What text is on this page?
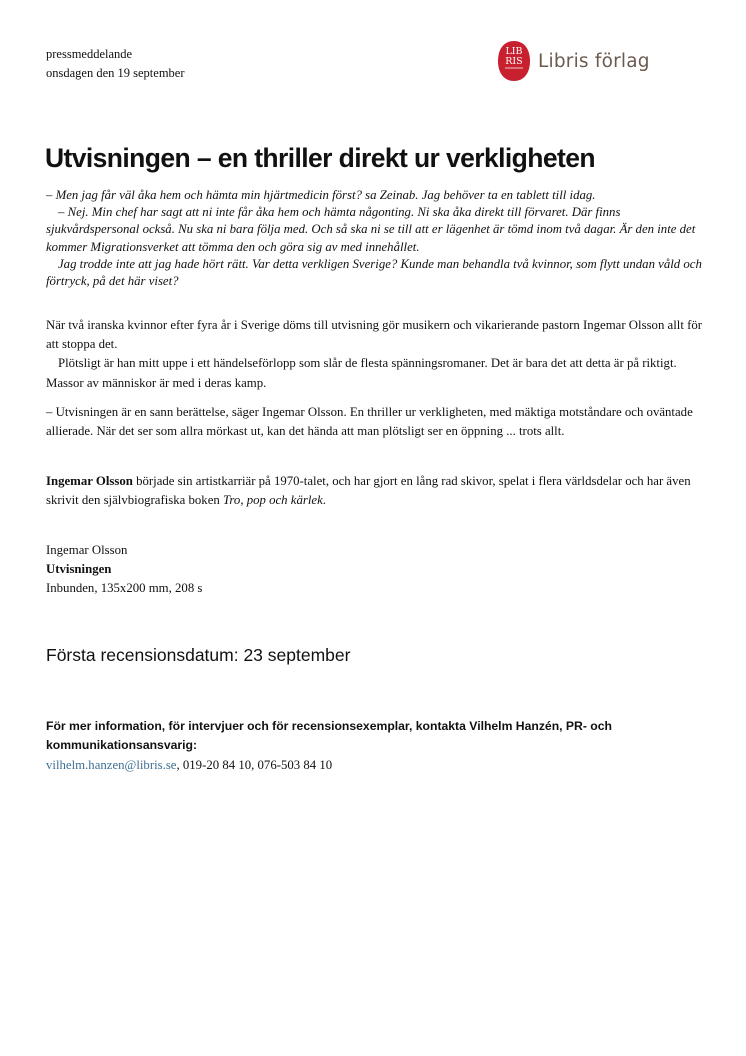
pressmeddelande
onsdagen den 19 september
LIB
RIS Libris förlag
Utvisningen – en thriller direkt ur verkligheten

– Men jag får väl åka hem och hämta min hjärtmedicin först? sa Zeinab. Jag behöver ta en tablett till idag.

– Nej. Min chef har sagt att ni inte får åka hem och hämta någonting. Ni ska åka direkt till förvaret. Där finns sjukvårdspersonal också. Nu ska ni bara följa med. Och så ska ni se till att er lägenhet är tömd inom två dagar. Är den inte det kommer Migrationsverket att tömma den och göra sig av med innehållet.

Jag trodde inte att jag hade hört rätt. Var detta verkligen Sverige? Kunde man behandla två kvinnor, som flytt undan våld och förtryck, på det här viset?

När två iranska kvinnor efter fyra år i Sverige döms till utvisning gör musikern och vikarierande pastorn Ingemar Olsson allt för att stoppa det.

Plötsligt är han mitt uppe i ett händelseförlopp som slår de flesta spänningsromaner. Det är bara det att detta är på riktigt. Massor av människor är med i deras kamp.

– Utvisningen är en sann berättelse, säger Ingemar Olsson. En thriller ur verkligheten, med mäktiga motståndare och oväntade allierade. När det ser som allra mörkast ut, kan det hända att man plötsligt ser en öppning ... trots allt.

Ingemar Olsson började sin artistkarriär på 1970-talet, och har gjort en lång rad skivor, spelat i flera världsdelar och har även skrivit den självbiografiska boken Tro, pop och kärlek.

Ingemar Olsson
Utvisningen
Inbunden, 135x200 mm, 208 s
Första recensionsdatum: 23 september

För mer information, för intervjuer och för recensionsexemplar, kontakta Vilhelm Hanzén, PR- och kommunikationsansvarig:

vilhelm.hanzen@libris.se, 019-20 84 10, 076-503 84 10
